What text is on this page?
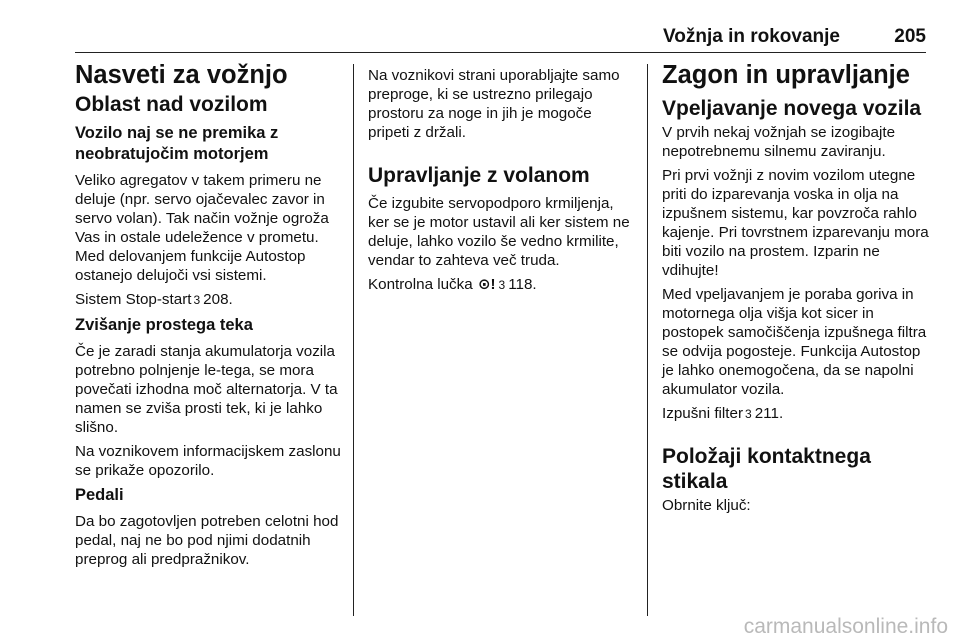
Vožnja in rokovanje	205
Nasveti za vožnjo
Oblast nad vozilom
Vozilo naj se ne premika z neobratujočim motorjem

Veliko agregatov v takem primeru ne deluje (npr. servo ojačevalec zavor in servo volan). Tak način vožnje ogroža Vas in ostale udeležence v prometu. Med delovanjem funkcije Autostop ostanejo delujoči vsi sistemi.

Sistem Stop-start 3 208.

Zvišanje prostega teka

Če je zaradi stanja akumulatorja vozila potrebno polnjenje le-tega, se mora povečati izhodna moč alternatorja. V ta namen se zviša prosti tek, ki je lahko slišno.

Na voznikovem informacijskem zaslonu se prikaže opozorilo.

Pedali

Da bo zagotovljen potreben celotni hod pedal, naj ne bo pod njimi dodatnih preprog ali predpražnikov.

Na voznikovi strani uporabljajte samo preproge, ki se ustrezno prilegajo prostoru za noge in jih je mogoče pripeti z držali.

Upravljanje z volanom

Če izgubite servopodporo krmiljenja, ker se je motor ustavil ali ker sistem ne deluje, lahko vozilo še vedno krmilite, vendar to zahteva več truda.

Kontrolna lučka ⊙! 3 118.

Zagon in upravljanje
Vpeljavanje novega vozila

V prvih nekaj vožnjah se izogibajte nepotrebnemu silnemu zaviranju.

Pri prvi vožnji z novim vozilom utegne priti do izparevanja voska in olja na izpušnem sistemu, kar povzroča rahlo kajenje. Pri tovrstnem izparevanju mora biti vozilo na prostem. Izparin ne vdihujte!

Med vpeljavanjem je poraba goriva in motornega olja višja kot sicer in postopek samočiščenja izpušnega filtra se odvija pogosteje. Funkcija Autostop je lahko onemogočena, da se napolni akumulator vozila.

Izpušni filter 3 211.

Položaji kontaktnega stikala

Obrnite ključ:

carmanualsonline.info
